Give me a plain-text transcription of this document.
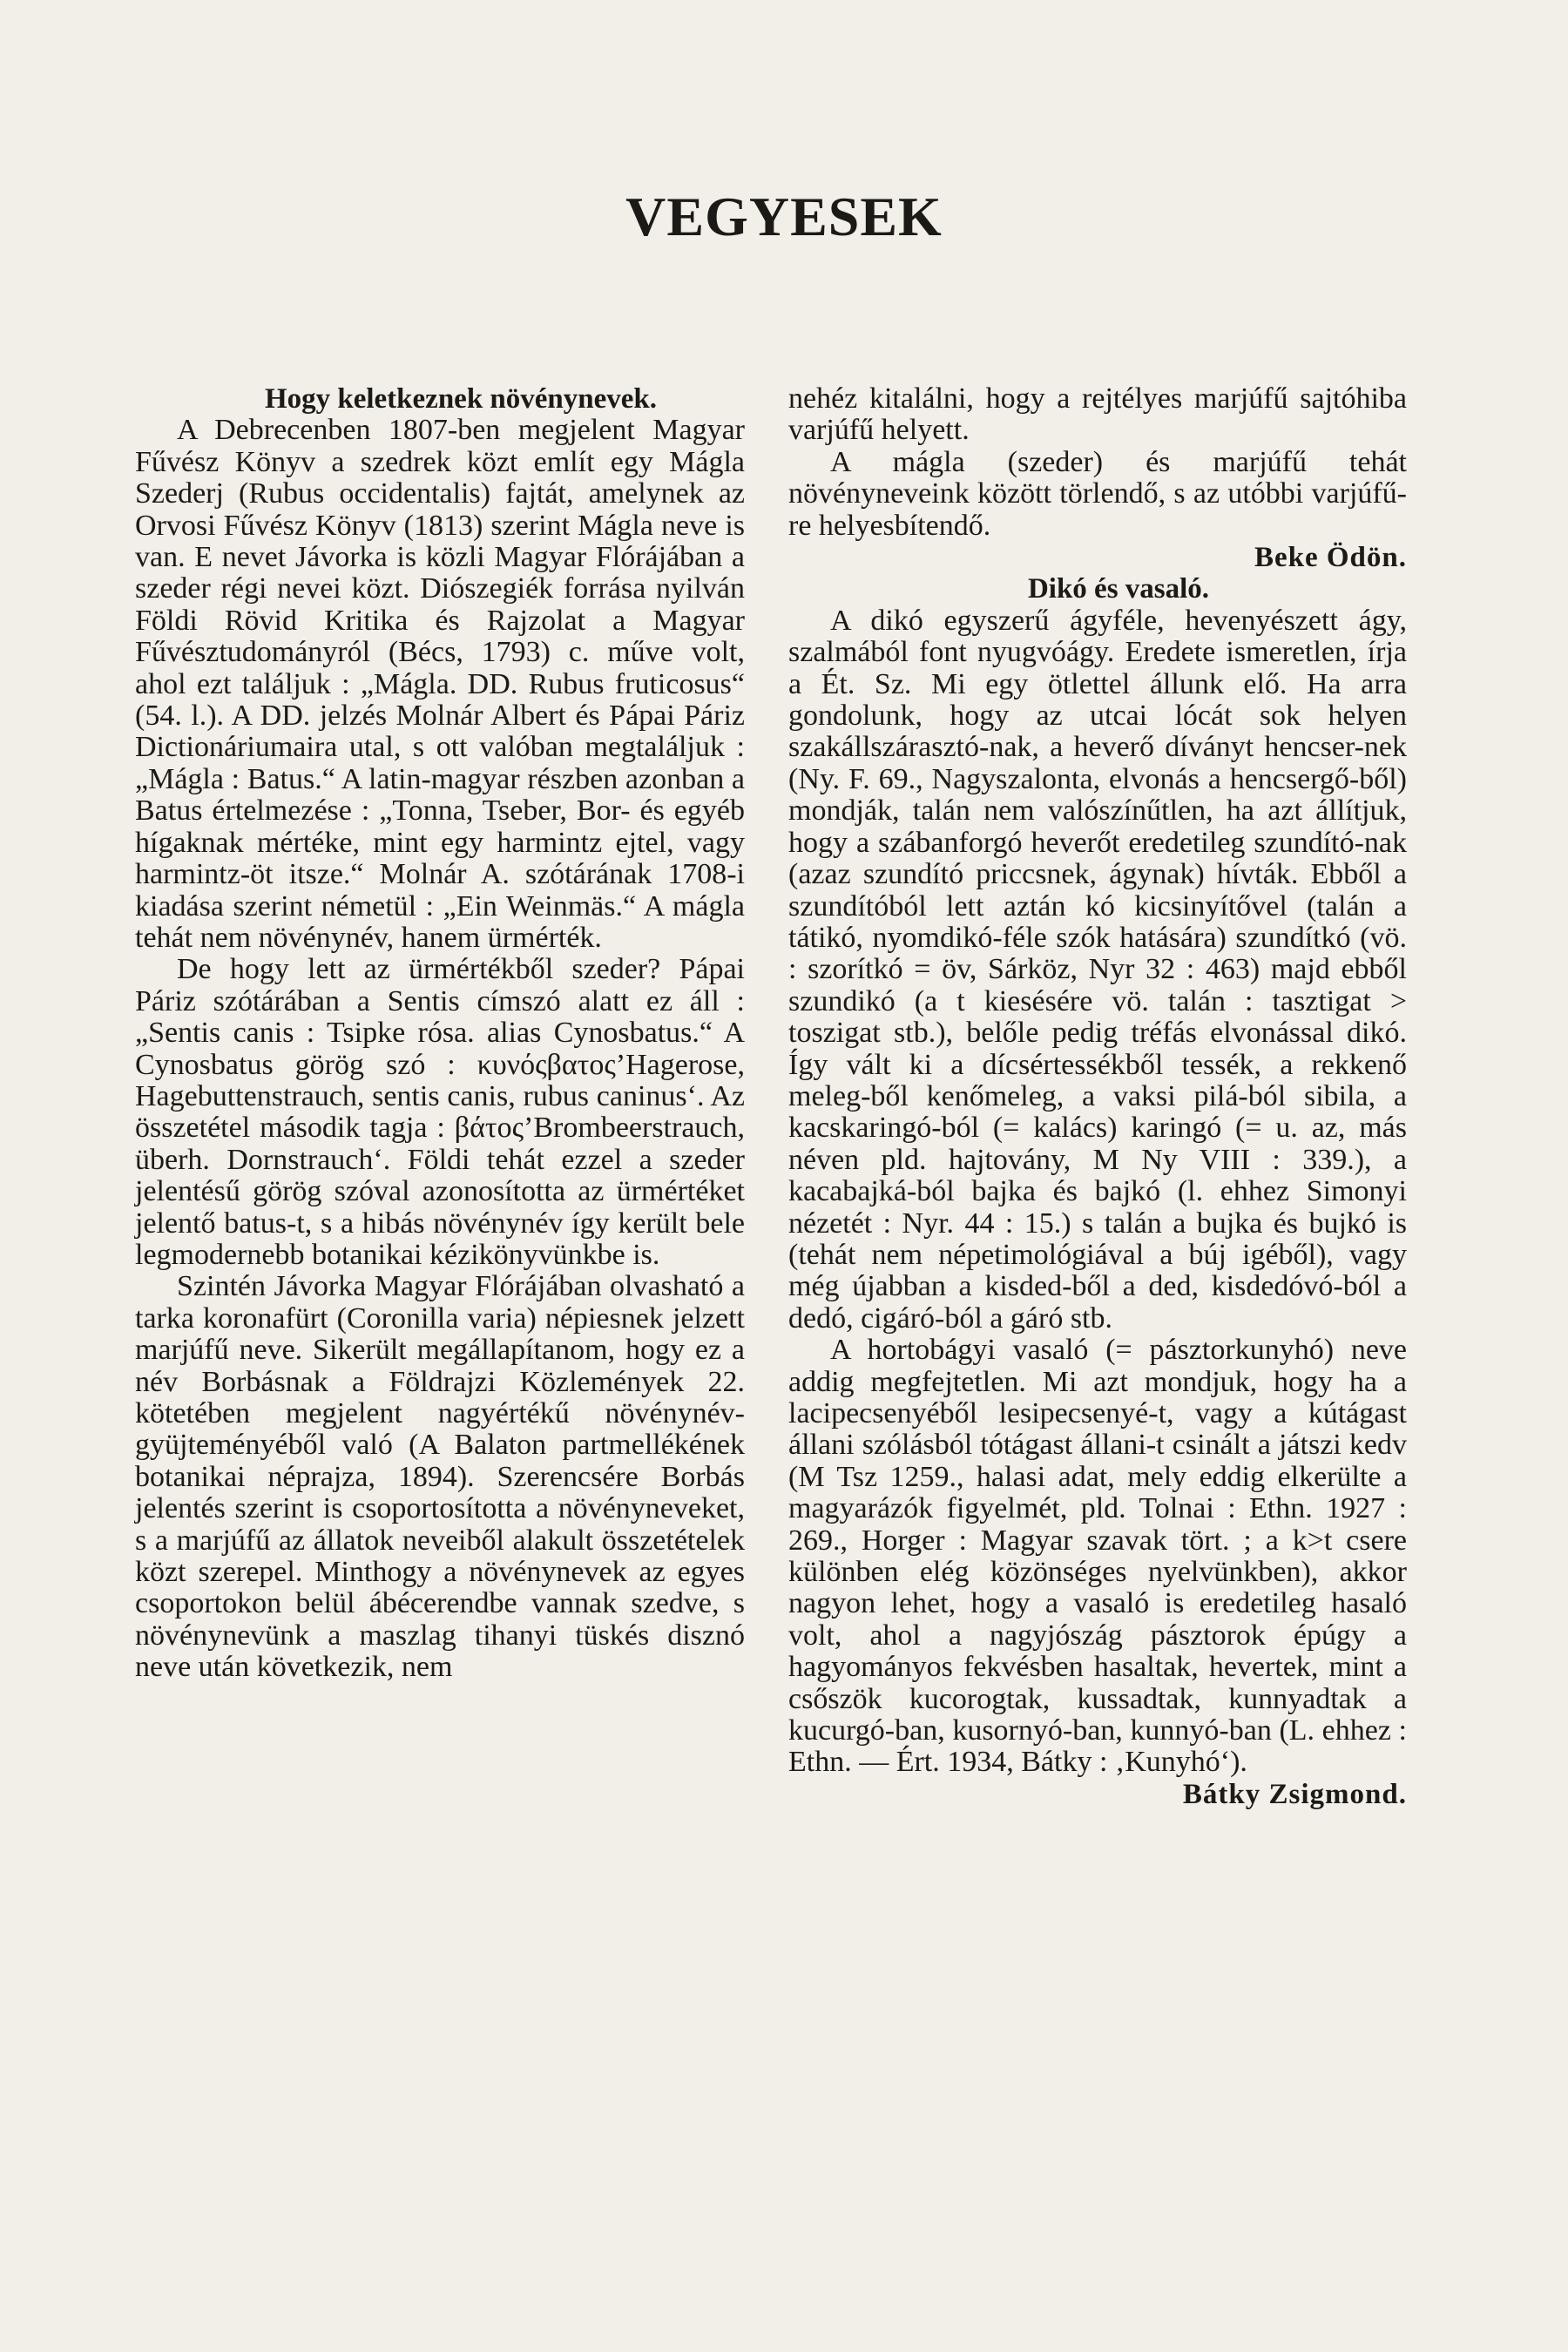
VEGYESEK

Hogy keletkeznek növénynevek.

A Debrecenben 1807-ben megjelent Magyar Fűvész Könyv a szedrek közt említ egy Mágla Szederj (Rubus occidentalis) fajtát, amelynek az Orvosi Fűvész Könyv (1813) szerint Mágla neve is van. E nevet Jávorka is közli Magyar Flórájában a szeder régi nevei közt. Diószegiék forrása nyilván Földi Rövid Kritika és Rajzolat a Magyar Fűvésztudományról (Bécs, 1793) c. műve volt, ahol ezt találjuk : „Mágla. DD. Rubus fruticosus“ (54. l.). A DD. jelzés Molnár Albert és Pápai Páriz Dictionáriumaira utal, s ott valóban megtaláljuk : „Mágla : Batus.“ A latin-magyar részben azonban a Batus értelmezése : „Tonna, Tseber, Bor- és egyéb hígaknak mértéke, mint egy harmintz ejtel, vagy harmintz-öt itsze.“ Molnár A. szótárának 1708-i kiadása szerint németül : „Ein Weinmäs.“ A mágla tehát nem növénynév, hanem ürmérték.

De hogy lett az ürmértékből szeder? Pápai Páriz szótárában a Sentis címszó alatt ez áll : „Sentis canis : Tsipke rósa. alias Cynosbatus.“ A Cynosbatus görög szó : κυνόςβατος’Hagerose, Hagebuttenstrauch, sentis canis, rubus caninus‘. Az összetétel második tagja : βάτος’Brombeerstrauch, überh. Dornstrauch‘. Földi tehát ezzel a szeder jelentésű görög szóval azonosította az ürmértéket jelentő batus-t, s a hibás növénynév így került bele legmodernebb botanikai kézikönyvünkbe is.

Szintén Jávorka Magyar Flórájában olvasható a tarka koronafürt (Coronilla varia) népiesnek jelzett marjúfű neve. Sikerült megállapítanom, hogy ez a név Borbásnak a Földrajzi Közlemények 22. kötetében megjelent nagyértékű növénynév-gyüjteményéből való (A Balaton partmellékének botanikai néprajza, 1894). Szerencsére Borbás jelentés szerint is csoportosította a növényneveket, s a marjúfű az állatok neveiből alakult összetételek közt szerepel. Minthogy a növénynevek az egyes csoportokon belül ábécerendbe vannak szedve, s növénynevünk a maszlag tihanyi tüskés disznó neve után következik, nem

nehéz kitalálni, hogy a rejtélyes marjúfű sajtóhiba varjúfű helyett.

A mágla (szeder) és marjúfű tehát növényneveink között törlendő, s az utóbbi varjúfű-re helyesbítendő.

Beke Ödön.

Dikó és vasaló.

A dikó egyszerű ágyféle, hevenyészett ágy, szalmából font nyugvóágy. Eredete ismeretlen, írja a Ét. Sz. Mi egy ötlettel állunk elő. Ha arra gondolunk, hogy az utcai lócát sok helyen szakállszárasztó-nak, a heverő díványt hencser-nek (Ny. F. 69., Nagyszalonta, elvonás a hencsergő-ből) mondják, talán nem valószínűtlen, ha azt állítjuk, hogy a szábanforgó heverőt eredetileg szundító-nak (azaz szundító priccsnek, ágynak) hívták. Ebből a szundítóból lett aztán kó kicsinyítővel (talán a tátikó, nyomdikó-féle szók hatására) szundítkó (vö. : szorítkó = öv, Sárköz, Nyr 32 : 463) majd ebből szundikó (a t kiesésére vö. talán : tasztigat > toszigat stb.), belőle pedig tréfás elvonással dikó. Így vált ki a dícsértessékből tessék, a rekkenő meleg-ből kenőmeleg, a vaksi pilá-ból sibila, a kacskaringó-ból (= kalács) karingó (= u. az, más néven pld. hajtovány, M Ny VIII : 339.), a kacabajká-ból bajka és bajkó (l. ehhez Simonyi nézetét : Nyr. 44 : 15.) s talán a bujka és bujkó is (tehát nem népetimológiával a búj igéből), vagy még újabban a kisded-ből a ded, kisdedóvó-ból a dedó, cigáró-ból a gáró stb.

A hortobágyi vasaló (= pásztorkunyhó) neve addig megfejtetlen. Mi azt mondjuk, hogy ha a lacipecsenyéből lesipecsenyé-t, vagy a kútágast állani szólásból tótágast állani-t csinált a játszi kedv (M Tsz 1259., halasi adat, mely eddig elkerülte a magyarázók figyelmét, pld. Tolnai : Ethn. 1927 : 269., Horger : Magyar szavak tört. ; a k>t csere különben elég közönséges nyelvünkben), akkor nagyon lehet, hogy a vasaló is eredetileg hasaló volt, ahol a nagyjószág pásztorok épúgy a hagyományos fekvésben hasaltak, hevertek, mint a csőszök kucorogtak, kussadtak, kunnyadtak a kucurgó-ban, kusornyó-ban, kunnyó-ban (L. ehhez : Ethn. — Ért. 1934, Bátky : ‚Kunyhó‘).

Bátky Zsigmond.
